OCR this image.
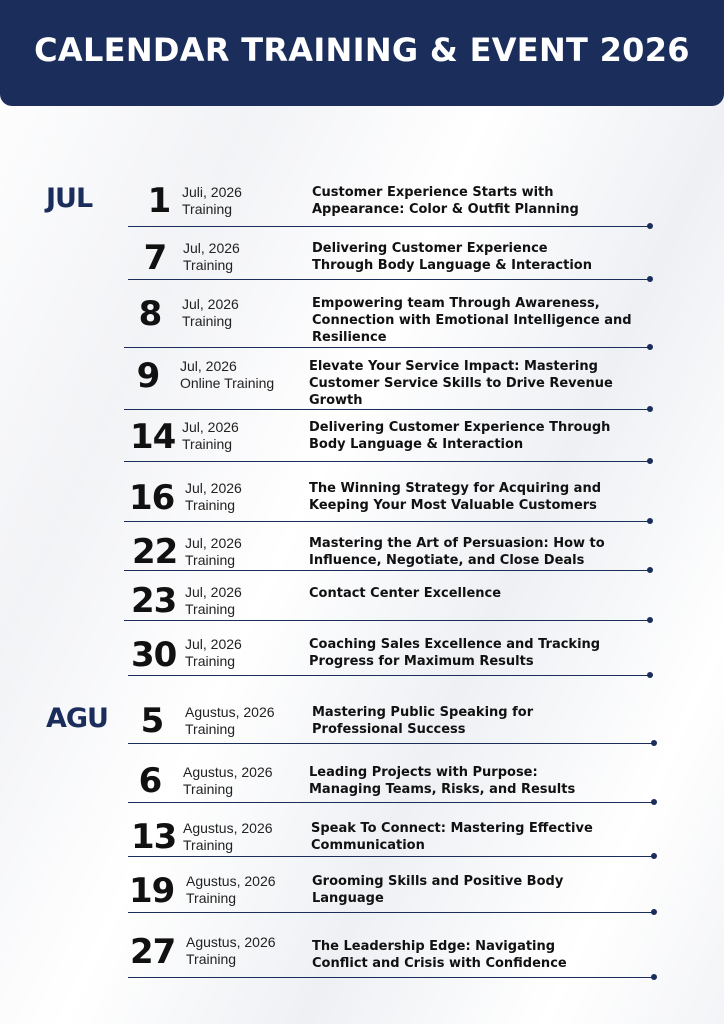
CALENDAR TRAINING & EVENT 2026
JUL
AGU
1 Juli, 2026
Training
Customer Experience Starts with Appearance: Color & Outfit Planning
7	Jul, 2026
Training
Delivering Customer Experience Through Body Language & Interaction
8	Jul, 2026
Training
Empowering team Through Awareness, Connection with Emotional Intelligence and Resilience
9	Jul, 2026
Online Training
Elevate Your Service Impact: Mastering Customer Service Skills to Drive Revenue Growth
14 Jul, 2026
Training
Delivering Customer Experience Through Body Language & Interaction
16 Jul, 2026
Training
The Winning Strategy for Acquiring and Keeping Your Most Valuable Customers
22 Jul, 2026
Training
Mastering the Art of Persuasion: How to Influence, Negotiate, and Close Deals
23 Jul, 2026
Training
Contact Center Excellence
30 Jul, 2026
Training
Coaching Sales Excellence and Tracking Progress for Maximum Results
5	Agustus, 2026
Training
Mastering Public Speaking for Professional Success
6	Agustus, 2026
Training
Leading Projects with Purpose: Managing Teams, Risks, and Results
13 Agustus, 2026
Training
Speak To Connect: Mastering Effective Communication
19 Agustus, 2026
Training
Grooming Skills and Positive Body Language
27 Agustus, 2026
Training
The Leadership Edge: Navigating Conflict and Crisis with Confidence
